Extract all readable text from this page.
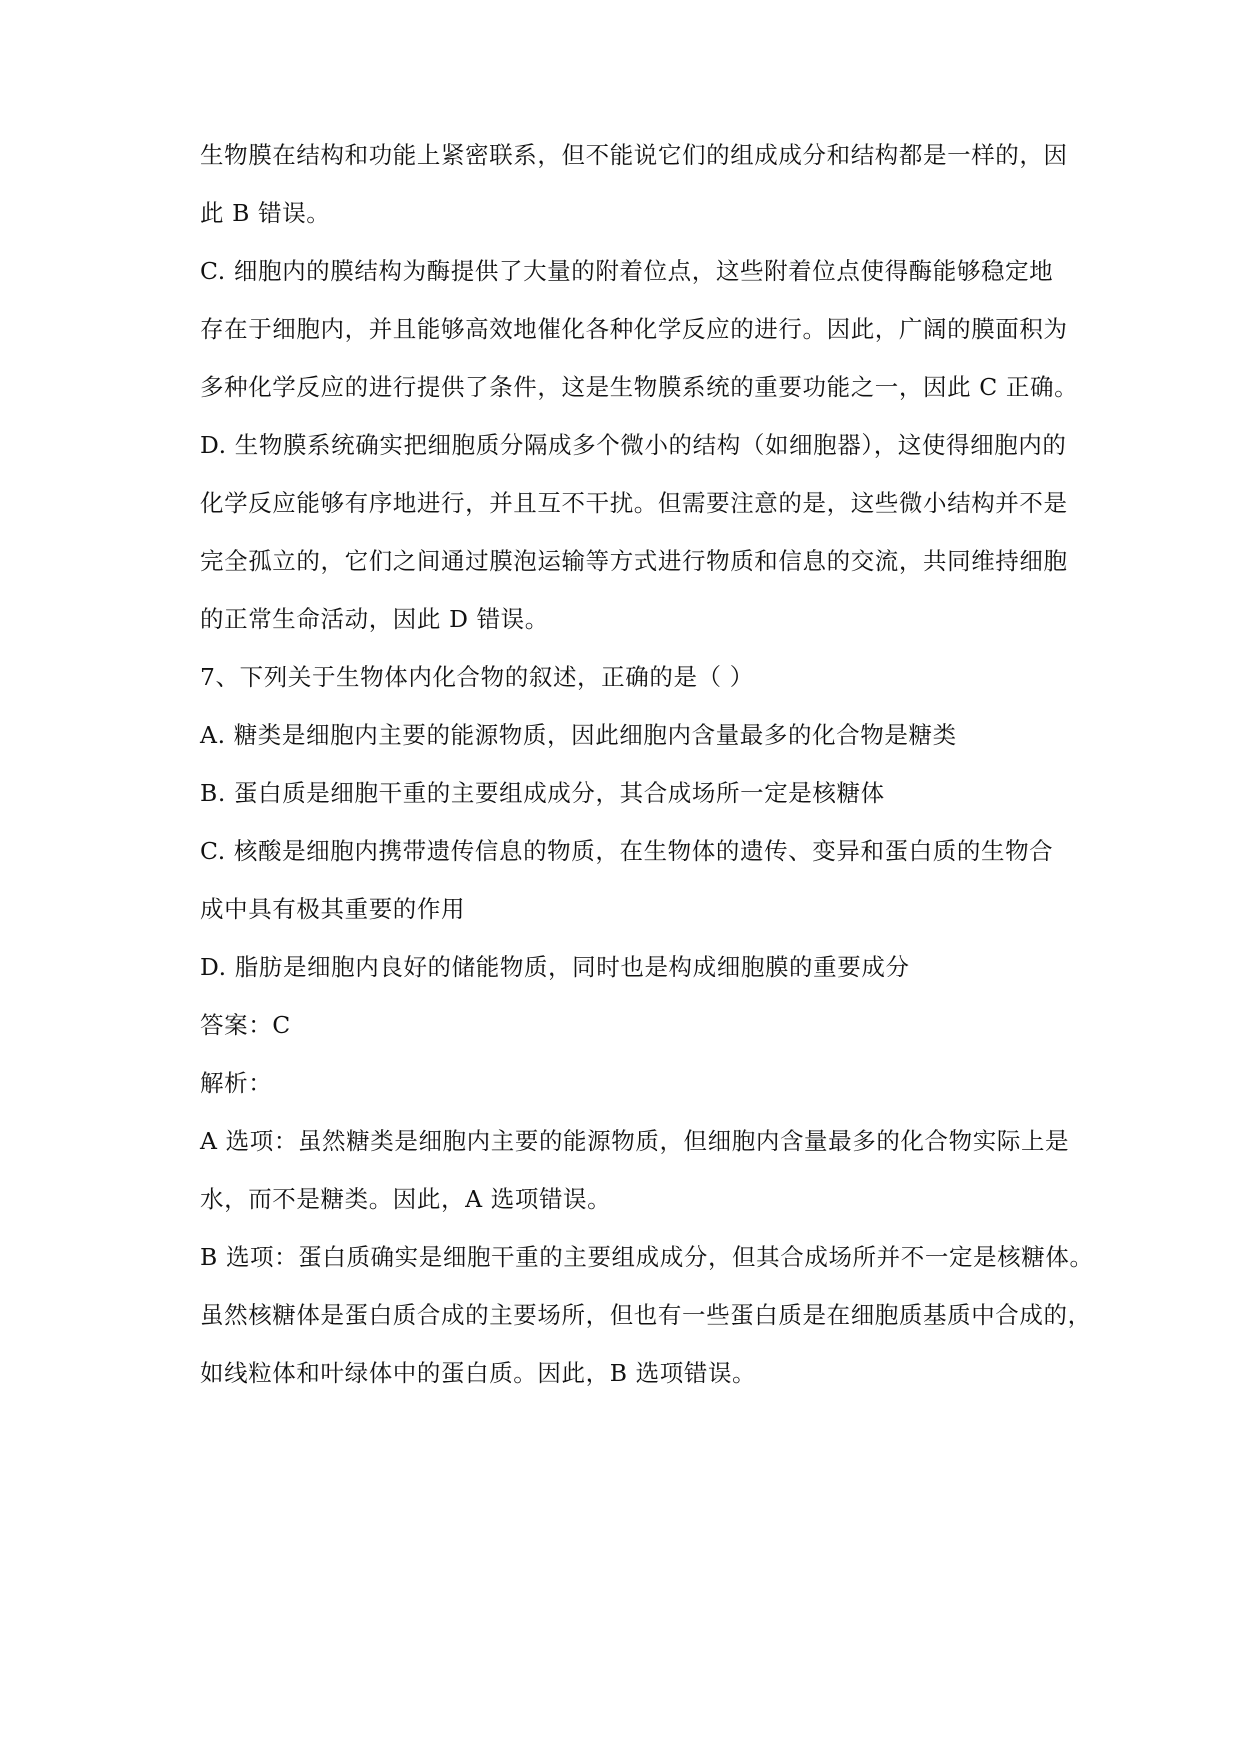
生物膜在结构和功能上紧密联系，但不能说它们的组成成分和结构都是一样的，因
此 B 错误。
C. 细胞内的膜结构为酶提供了大量的附着位点，这些附着位点使得酶能够稳定地
存在于细胞内，并且能够高效地催化各种化学反应的进行。因此，广阔的膜面积为
多种化学反应的进行提供了条件，这是生物膜系统的重要功能之一，因此 C 正确。
D. 生物膜系统确实把细胞质分隔成多个微小的结构（如细胞器），这使得细胞内的
化学反应能够有序地进行，并且互不干扰。但需要注意的是，这些微小结构并不是
完全孤立的，它们之间通过膜泡运输等方式进行物质和信息的交流，共同维持细胞
的正常生命活动，因此 D 错误。
7、下列关于生物体内化合物的叙述，正确的是（ ）
A. 糖类是细胞内主要的能源物质，因此细胞内含量最多的化合物是糖类
B. 蛋白质是细胞干重的主要组成成分，其合成场所一定是核糖体
C. 核酸是细胞内携带遗传信息的物质，在生物体的遗传、变异和蛋白质的生物合
成中具有极其重要的作用
D. 脂肪是细胞内良好的储能物质，同时也是构成细胞膜的重要成分
答案：C
解析：
A 选项：虽然糖类是细胞内主要的能源物质，但细胞内含量最多的化合物实际上是
水，而不是糖类。因此，A 选项错误。
B 选项：蛋白质确实是细胞干重的主要组成成分，但其合成场所并不一定是核糖体。
虽然核糖体是蛋白质合成的主要场所，但也有一些蛋白质是在细胞质基质中合成的，
如线粒体和叶绿体中的蛋白质。因此，B 选项错误。
